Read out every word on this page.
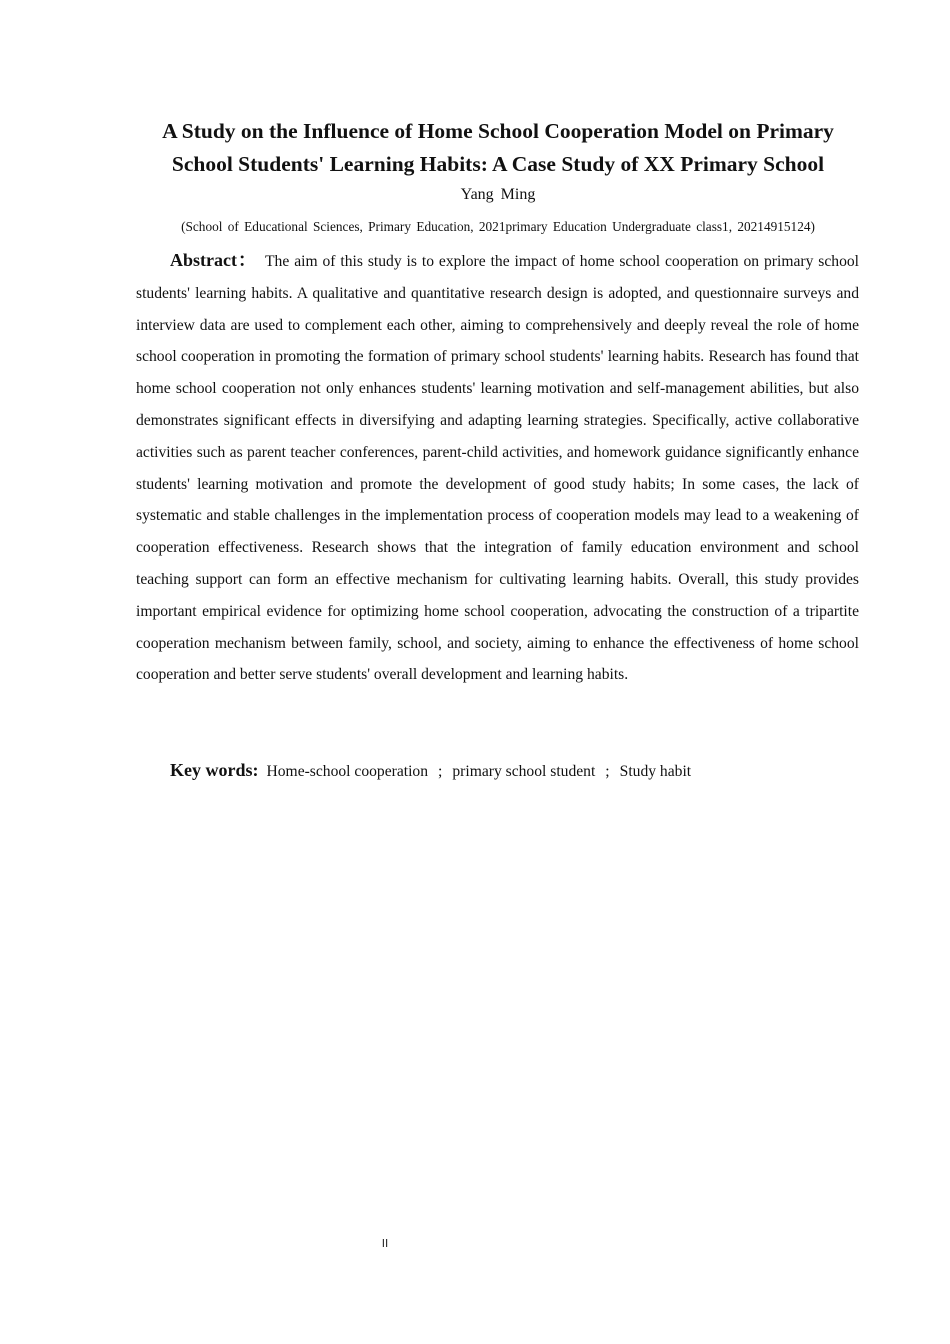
A Study on the Influence of Home School Cooperation Model on Primary
School Students' Learning Habits: A Case Study of XX Primary School

Yang Ming

(School of Educational Sciences, Primary Education, 2021primary Education Undergraduate class1, 20214915124)

Abstract： The aim of this study is to explore the impact of home school cooperation on primary school students' learning habits. A qualitative and quantitative research design is adopted, and questionnaire surveys and interview data are used to complement each other, aiming to comprehensively and deeply reveal the role of home school cooperation in promoting the formation of primary school students' learning habits. Research has found that home school cooperation not only enhances students' learning motivation and self-management abilities, but also demonstrates significant effects in diversifying and adapting learning strategies. Specifically, active collaborative activities such as parent teacher conferences, parent-child activities, and homework guidance significantly enhance students' learning motivation and promote the development of good study habits; In some cases, the lack of systematic and stable challenges in the implementation process of cooperation models may lead to a weakening of cooperation effectiveness. Research shows that the integration of family education environment and school teaching support can form an effective mechanism for cultivating learning habits. Overall, this study provides important empirical evidence for optimizing home school cooperation, advocating the construction of a tripartite cooperation mechanism between family, school, and society, aiming to enhance the effectiveness of home school cooperation and better serve students' overall development and learning habits.

Key words: Home-school cooperation ; primary school student ; Study habit

II
